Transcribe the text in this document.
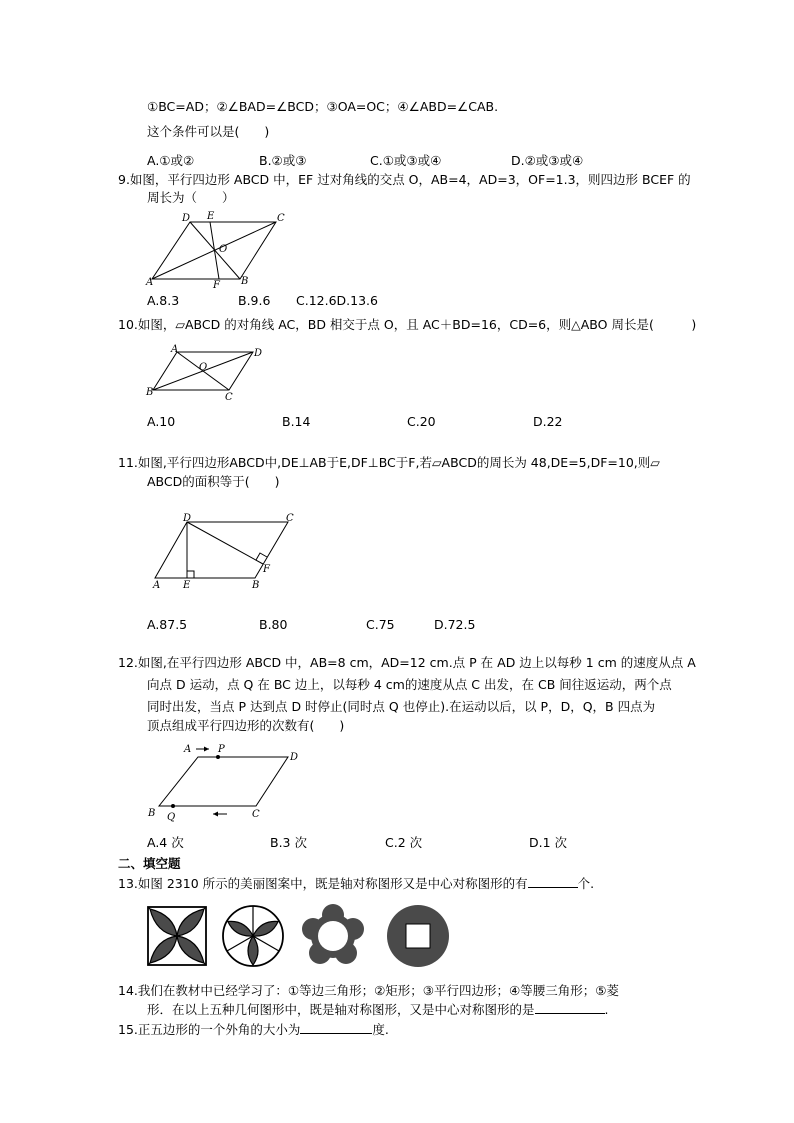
①BC=AD；②∠BAD=∠BCD；③OA=OC；④∠ABD=∠CAB.
这个条件可以是(　　)
A.①或②	B.②或③	C.①或③或④	D.②或③或④
9.如图，平行四边形 ABCD 中，EF 过对角线的交点 O，AB=4，AD=3，OF=1.3，则四边形 BCEF 的
周长为（　　）
D E	C
O
A	F B
A.8.3	B.9.6 C.12.6D.13.6
10.如图，▱ABCD 的对角线 AC，BD 相交于点 O，且 AC＋BD=16，CD=6，则△ABO 周长是(　　　)
A	D
O
B	C
A.10	B.14	C.20	D.22
11.如图,平行四边形ABCD中,DE⊥AB于E,DF⊥BC于F,若▱ABCD的周长为 48,DE=5,DF=10,则▱
ABCD的面积等于(　　)
D	C
F
A E	B
A.87.5	B.80	C.75	D.72.5
12.如图,在平行四边形 ABCD 中，AB=8 cm，AD=12 cm.点 P 在 AD 边上以每秒 1 cm 的速度从点 A
向点 D 运动，点 Q 在 BC 边上，以每秒 4 cm的速度从点 C 出发，在 CB 间往返运动，两个点
同时出发，当点 P 达到点 D 时停止(同时点 Q 也停止).在运动以后，以 P，D，Q，B 四点为
顶点组成平行四边形的次数有(　　)
A	P
D
B Q	C
A.4 次	B.3 次	C.2 次	D.1 次
二、填空题
13.如图 2310 所示的美丽图案中，既是轴对称图形又是中心对称图形的有	个.
14.我们在教材中已经学习了：①等边三角形；②矩形；③平行四边形；④等腰三角形；⑤菱
形．在以上五种几何图形中，既是轴对称图形，又是中心对称图形的是	.
15.正五边形的一个外角的大小为	度.
